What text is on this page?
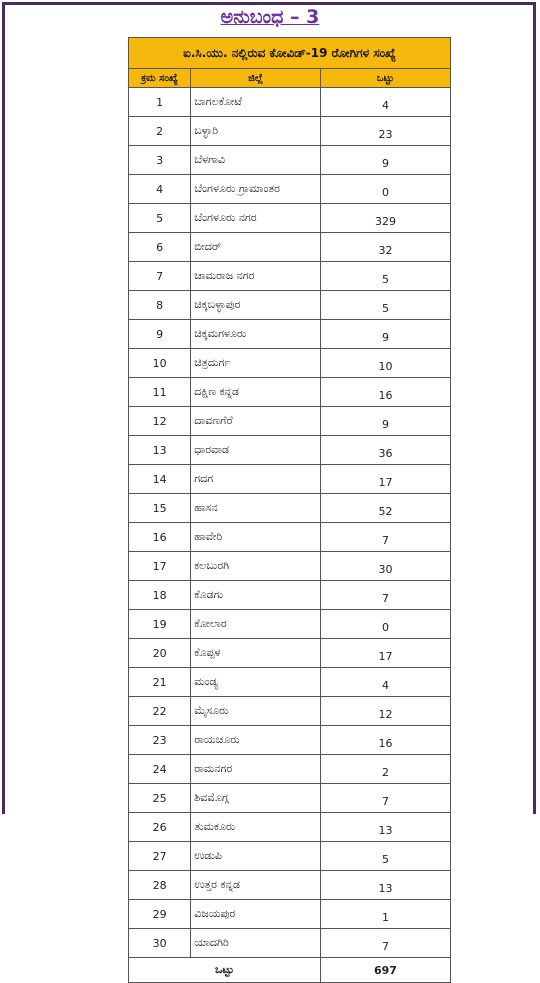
ಅನುಬಂಧ – 3
ಐ.ಸಿ.ಯು. ನಲ್ಲಿರುವ ಕೋವಿಡ್-19 ರೋಗಿಗಳ ಸಂಖ್ಯೆ		
ಕ್ರಮ ಸಂಖ್ಯೆ	ಜಿಲ್ಲೆ	ಒಟ್ಟು
1	ಬಾಗಲಕೋಟೆ	4
2	ಬಳ್ಳಾರಿ	23
3	ಬೆಳಗಾವಿ	9
4	ಬೆಂಗಳೂರು ಗ್ರಾಮಾಂತರ	0
5	ಬೆಂಗಳೂರು ನಗರ	329
6	ಬೀದರ್	32
7	ಚಾಮರಾಜ ನಗರ	5
8	ಚಿಕ್ಕಬಳ್ಳಾಪುರ	5
9	ಚಿಕ್ಕಮಗಳೂರು	9
10	ಚಿತ್ರದುರ್ಗ	10
11	ದಕ್ಷಿಣ ಕನ್ನಡ	16
12	ದಾವಣಗೆರೆ	9
13	ಧಾರವಾಡ	36
14	ಗದಗ	17
15	ಹಾಸನ	52
16	ಹಾವೇರಿ	7
17	ಕಲಬುರಗಿ	30
18	ಕೊಡಗು	7
19	ಕೋಲಾರ	0
20	ಕೊಪ್ಪಳ	17
21	ಮಂಡ್ಯ	4
22	ಮೈಸೂರು	12
23	ರಾಯಚೂರು	16
24	ರಾಮನಗರ	2
25	ಶಿವಮೊಗ್ಗ	7
26	ತುಮಕೂರು	13
27	ಉಡುಪಿ	5
28	ಉತ್ತರ ಕನ್ನಡ	13
29	ವಿಜಯಪುರ	1
30	ಯಾದಗಿರಿ	7
ಒಟ್ಟು		697
